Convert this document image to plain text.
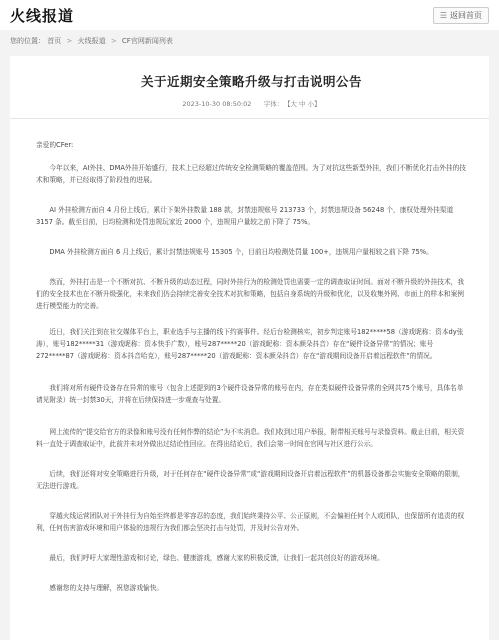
火线报道	☰ 返回首页
您的位置： 首页 > 火线报道 > CF官网新闻列表
关于近期安全策略升级与打击说明公告
2023-10-30 08:50:02 字体： 【大 中 小】

亲爱的CFer:

今年以来，AI外挂、DMA外挂开始盛行，技术上已经超过传统安全检测策略的覆盖范围。为了对抗这些新型外挂，我们不断优化打击外挂的技术和策略，并已经取得了阶段性的进展。

AI 外挂检测方面自 4 月份上线后，累计下架外挂数量 188 款，封禁违规账号 213733 个，封禁违规设备 56248 个，康权处理外挂渠道 3157 条。截至目前，日均检测和处罚违规玩家近 2000 个，违规用户量较之前下降了 75%。

DMA 外挂检测方面自 6 月上线后，累计封禁违规账号 15305 个，目前日均检测处罚量 100+，违规用户量相较之前下降 75%。

然而，外挂打击是一个不断对抗、不断升级的动态过程，同时外挂行为的检测处罚也需要一定的调查取证时间。面对不断升级的外挂技术，我们的安全技术也在不断升级强化，未来我们仍会持续完善安全技术对抗和策略，包括自身系统的升级和优化，以及收集外网、市面上的样本和案例进行模型能力的完善。

近日，我们关注到在社交媒体平台上，职业选手与主播的线下约赛事件。经后台检测核实，初步判定账号182*****58（游戏昵称：资本dy张涛），账号182*****31（游戏昵称：资本快手广数），账号287*****20（游戏昵称：资本颜朵抖音）存在“硬件设备异常”的情况；账号272*****87（游戏昵称：资本抖音哈克），账号287*****20（游戏昵称：资本颜朵抖音）存在“游戏期间设备开启着远程软件”的情况。

我们将对所有硬件设备存在异常的账号（包含上述提到的3个硬件设备异常的账号在内，存在类似硬件设备异常的全网共75个账号，具体名单请见附录）统一封禁30天，并将在后续保持进一步观查与处置。

网上流传的“提交给官方的录像和账号没有任何作弊的结论”为不实消息。我们收到过用户举报，附带相关账号与录像资料。截止目前，相关资料一直处于调查取证中，此前并未对外做出过结论性回应。在得出结论后，我们会第一时间在官网与社区进行公示。

后续，我们还将对安全策略进行升级，对于任何存在“硬件设备异常”或“游戏期间设备开启着远程软件”的机器设备都会实施安全策略的限制，无法进行游戏。

穿越火线运营团队对于外挂行为自始至终都是零容忍的态度，我们始终秉持公平、公正原则，不会偏袒任何个人或团队，也保留所有追责的权利，任何伤害游戏环境和用户体验的违规行为我们都会坚决打击与处罚，并及时公告对外。

最后，我们呼吁大家理性游戏和讨论，绿色、健康游戏，感谢大家的积极反馈，让我们一起共创良好的游戏环境。

感谢您的支持与理解，祝您游戏愉快。
